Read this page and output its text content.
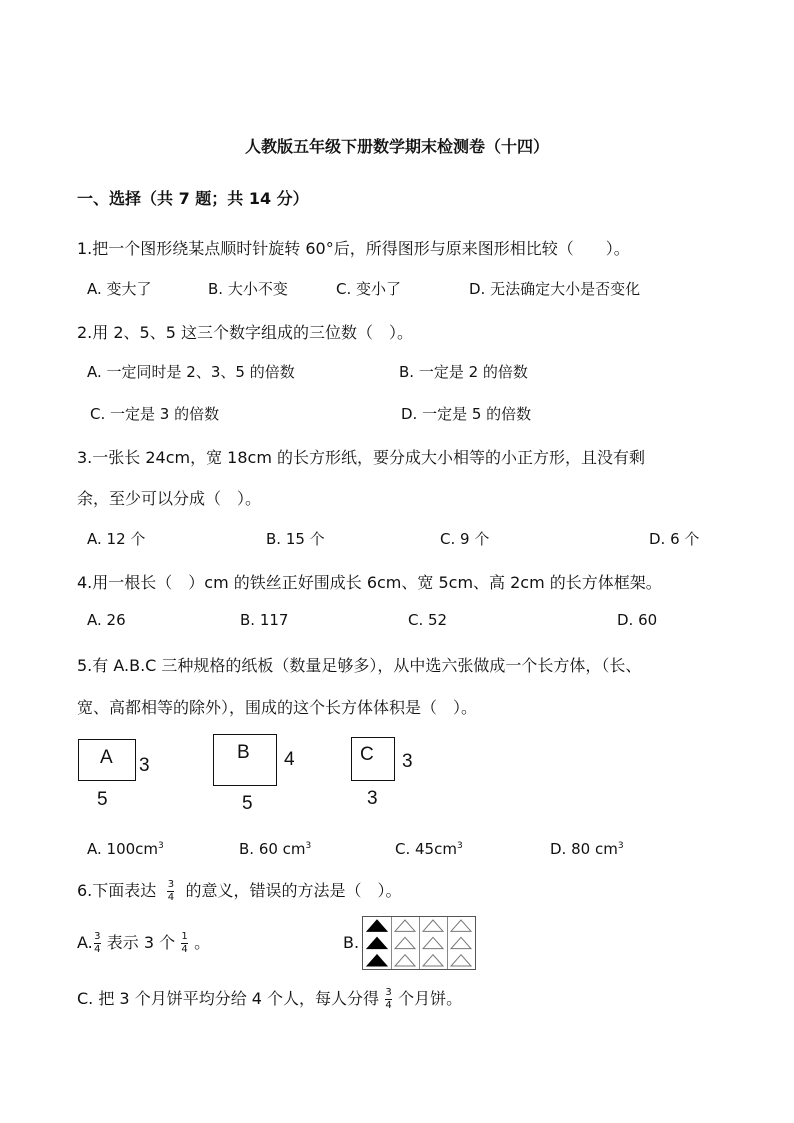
人教版五年级下册数学期末检测卷（十四）
一、选择（共 7 题；共 14 分）
1.把一个图形绕某点顺时针旋转 60°后，所得图形与原来图形相比较（　　）。
A. 变大了	B. 大小不变	C. 变小了	D. 无法确定大小是否变化
2.用 2、5、5 这三个数字组成的三位数（　）。
A. 一定同时是 2、3、5 的倍数	B. 一定是 2 的倍数
C. 一定是 3 的倍数	D. 一定是 5 的倍数
3.一张长 24cm，宽 18cm 的长方形纸，要分成大小相等的小正方形，且没有剩
余，至少可以分成（　）。
A. 12 个	B. 15 个	C. 9 个	D. 6 个
4.用一根长（　）cm 的铁丝正好围成长 6cm、宽 5cm、高 2cm 的长方体框架。
A. 26	B. 117	C. 52	D. 60
5.有 A.B.C 三种规格的纸板（数量足够多），从中选六张做成一个长方体，（长、
宽、高都相等的除外），围成的这个长方体体积是（　）。
A 3
5
B 4
5
C 3
3
A. $100cm^3$	B. 60 $cm^3$	C. $45cm^3$	D. 80 $cm^3$
6.下面表达 $\frac{3}{4}$ 的意义，错误的方法是（　）。
A. $\frac{3}{4}$ 表示 3 个 $\frac{1}{4}$ 。	B.
C. 把 3 个月饼平均分给 4 个人，每人分得 $\frac{3}{4}$ 个月饼。
